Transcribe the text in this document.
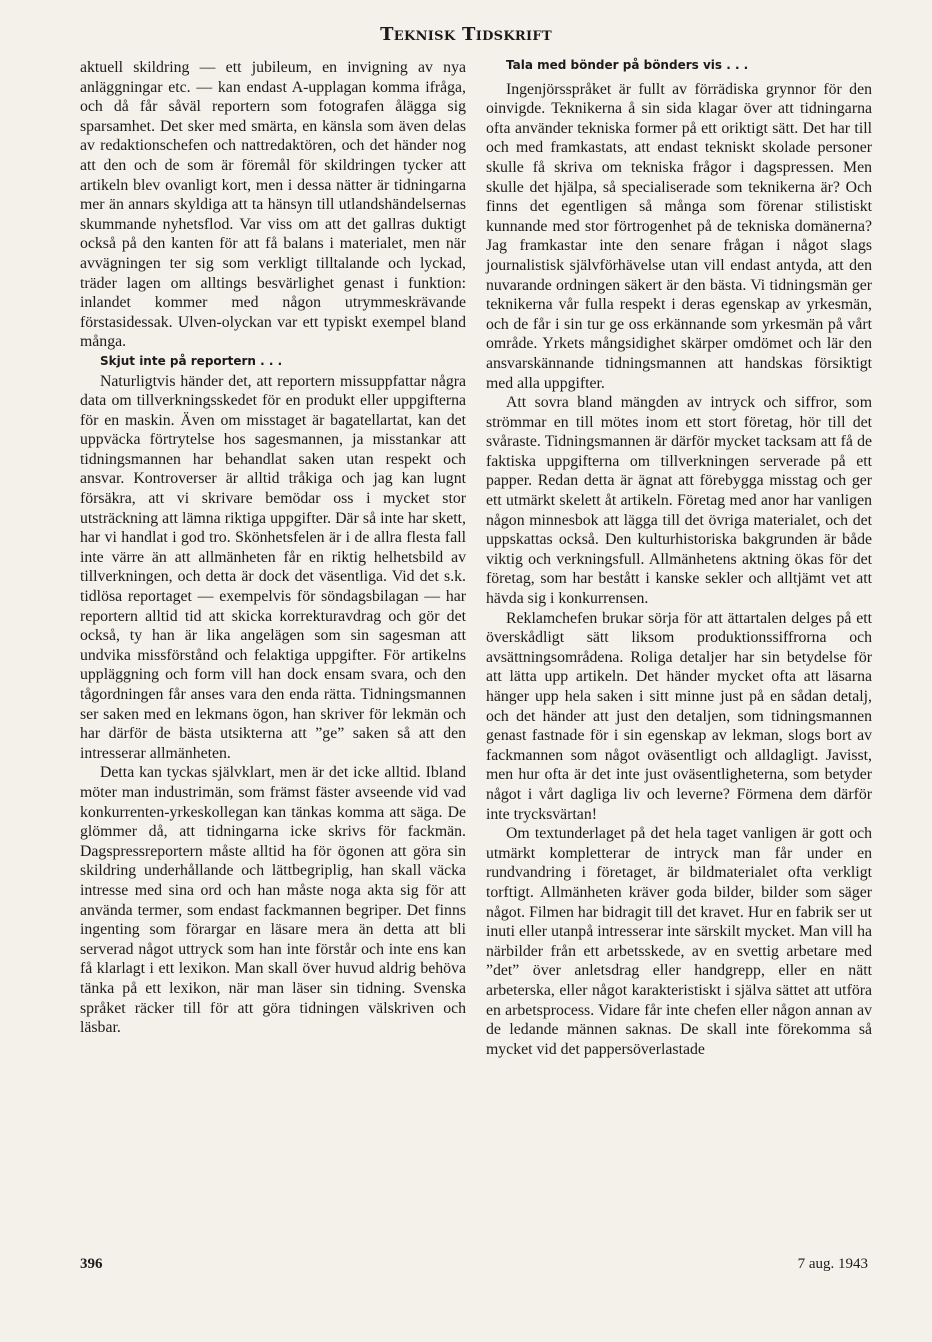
Teknisk Tidskrift

aktuell skildring — ett jubileum, en invigning av nya anläggningar etc. — kan endast A-upplagan komma ifråga, och då får såväl reportern som fotografen ålägga sig sparsamhet. Det sker med smärta, en känsla som även delas av redaktionschefen och nattredaktören, och det händer nog att den och de som är föremål för skildringen tycker att artikeln blev ovanligt kort, men i dessa nätter är tidningarna mer än annars skyldiga att ta hänsyn till utlandshändelsernas skummande nyhetsflod. Var viss om att det gallras duktigt också på den kanten för att få balans i materialet, men när avvägningen ter sig som verkligt tilltalande och lyckad, träder lagen om alltings besvärlighet genast i funktion: inlandet kommer med någon utrymmeskrävande förstasidessak. Ulven-olyckan var ett typiskt exempel bland många.

Skjut inte på reportern . . .

Naturligtvis händer det, att reportern missuppfattar några data om tillverkningsskedet för en produkt eller uppgifterna för en maskin. Även om misstaget är bagatellartat, kan det uppväcka förtrytelse hos sagesmannen, ja misstankar att tidningsmannen har behandlat saken utan respekt och ansvar. Kontroverser är alltid tråkiga och jag kan lugnt försäkra, att vi skrivare bemödar oss i mycket stor utsträckning att lämna riktiga uppgifter. Där så inte har skett, har vi handlat i god tro. Skönhetsfelen är i de allra flesta fall inte värre än att allmänheten får en riktig helhetsbild av tillverkningen, och detta är dock det väsentliga. Vid det s.k. tidlösa reportaget — exempelvis för söndagsbilagan — har reportern alltid tid att skicka korrekturavdrag och gör det också, ty han är lika angelägen som sin sagesman att undvika missförstånd och felaktiga uppgifter. För artikelns uppläggning och form vill han dock ensam svara, och den tågordningen får anses vara den enda rätta. Tidningsmannen ser saken med en lekmans ögon, han skriver för lekmän och har därför de bästa utsikterna att ”ge” saken så att den intresserar allmänheten.

Detta kan tyckas självklart, men är det icke alltid. Ibland möter man industrimän, som främst fäster avseende vid vad konkurrenten-yrkeskollegan kan tänkas komma att säga. De glömmer då, att tidningarna icke skrivs för fackmän. Dagspressreportern måste alltid ha för ögonen att göra sin skildring underhållande och lättbegriplig, han skall väcka intresse med sina ord och han måste noga akta sig för att använda termer, som endast fackmannen begriper. Det finns ingenting som förargar en läsare mera än detta att bli serverad något uttryck som han inte förstår och inte ens kan få klarlagt i ett lexikon. Man skall över huvud aldrig behöva tänka på ett lexikon, när man läser sin tidning. Svenska språket räcker till för att göra tidningen välskriven och läsbar.

Tala med bönder på bönders vis . . .

Ingenjörsspråket är fullt av förrädiska grynnor för den oinvigde. Teknikerna å sin sida klagar över att tidningarna ofta använder tekniska former på ett oriktigt sätt. Det har till och med framkastats, att endast tekniskt skolade personer skulle få skriva om tekniska frågor i dagspressen. Men skulle det hjälpa, så specialiserade som teknikerna är? Och finns det egentligen så många som förenar stilistiskt kunnande med stor förtrogenhet på de tekniska domänerna? Jag framkastar inte den senare frågan i något slags journalistisk självförhävelse utan vill endast antyda, att den nuvarande ordningen säkert är den bästa. Vi tidningsmän ger teknikerna vår fulla respekt i deras egenskap av yrkesmän, och de får i sin tur ge oss erkännande som yrkesmän på vårt område. Yrkets mångsidighet skärper omdömet och lär den ansvarskännande tidningsmannen att handskas försiktigt med alla uppgifter.

Att sovra bland mängden av intryck och siffror, som strömmar en till mötes inom ett stort företag, hör till det svåraste. Tidningsmannen är därför mycket tacksam att få de faktiska uppgifterna om tillverkningen serverade på ett papper. Redan detta är ägnat att förebygga misstag och ger ett utmärkt skelett åt artikeln. Företag med anor har vanligen någon minnesbok att lägga till det övriga materialet, och det uppskattas också. Den kulturhistoriska bakgrunden är både viktig och verkningsfull. Allmänhetens aktning ökas för det företag, som har bestått i kanske sekler och alltjämt vet att hävda sig i konkurrensen.

Reklamchefen brukar sörja för att ättartalen delges på ett överskådligt sätt liksom produktionssiffrorna och avsättningsområdena. Roliga detaljer har sin betydelse för att lätta upp artikeln. Det händer mycket ofta att läsarna hänger upp hela saken i sitt minne just på en sådan detalj, och det händer att just den detaljen, som tidningsmannen genast fastnade för i sin egenskap av lekman, slogs bort av fackmannen som något oväsentligt och alldagligt. Javisst, men hur ofta är det inte just oväsentligheterna, som betyder något i vårt dagliga liv och leverne? Förmena dem därför inte trycksvärtan!

Om textunderlaget på det hela taget vanligen är gott och utmärkt kompletterar de intryck man får under en rundvandring i företaget, är bildmaterialet ofta verkligt torftigt. Allmänheten kräver goda bilder, bilder som säger något. Filmen har bidragit till det kravet. Hur en fabrik ser ut inuti eller utanpå intresserar inte särskilt mycket. Man vill ha närbilder från ett arbetsskede, av en svettig arbetare med ”det” över anletsdrag eller handgrepp, eller en nätt arbeterska, eller något karakteristiskt i själva sättet att utföra en arbetsprocess. Vidare får inte chefen eller någon annan av de ledande männen saknas. De skall inte förekomma så mycket vid det pappersöverlastade

396	7 aug. 1943
